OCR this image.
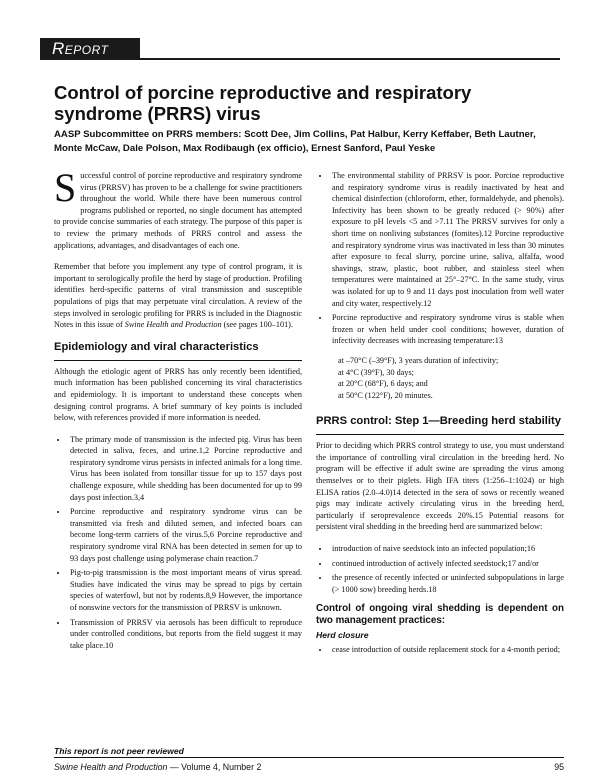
Report
Control of porcine reproductive and respiratory syndrome (PRRS) virus

AASP Subcommittee on PRRS members: Scott Dee, Jim Collins, Pat Halbur, Kerry Keffaber, Beth Lautner, Monte McCaw, Dale Polson, Max Rodibaugh (ex officio), Ernest Sanford, Paul Yeske

Successful control of porcine reproductive and respiratory syndrome virus (PRRSV) has proven to be a challenge for swine practitioners throughout the world. While there have been numerous control programs published or reported, no single document has attempted to provide concise summaries of each strategy. The purpose of this paper is to review the primary methods of PRRS control and assess the applications, advantages, and disadvantages of each one.

Remember that before you implement any type of control program, it is important to serologically profile the herd by stage of production. Profiling identifies herd-specific patterns of viral transmission and susceptible populations of pigs that may perpetuate viral circulation. A review of the steps involved in serologic profiling for PRRS is included in the Diagnostic Notes in this issue of Swine Health and Production (see pages 100–101).

Epidemiology and viral characteristics

Although the etiologic agent of PRRS has only recently been identified, much information has been published concerning its viral characteristics and epidemiology. It is important to understand these concepts when designing control programs. A brief summary of key points is included below, with references provided if more information is needed.

• The primary mode of transmission is the infected pig. Virus has been detected in saliva, feces, and urine.1,2 Porcine reproductive and respiratory syndrome virus persists in infected animals for a long time. Virus has been isolated from tonsillar tissue for up to 157 days post challenge exposure, while shedding has been documented for up to 99 days post infection.3,4
• Porcine reproductive and respiratory syndrome virus can be transmitted via fresh and diluted semen, and infected boars can become long-term carriers of the virus.5,6 Porcine reproductive and respiratory syndrome viral RNA has been detected in semen for up to 93 days post challenge using polymerase chain reaction.7
• Pig-to-pig transmission is the most important means of virus spread. Studies have indicated the virus may be spread to pigs by certain species of waterfowl, but not by rodents.8,9 However, the importance of nonswine vectors for the transmission of PRRSV is unknown.
• Transmission of PRRSV via aerosols has been difficult to reproduce under controlled conditions, but reports from the field suggest it may take place.10
• The environmental stability of PRRSV is poor. Porcine reproductive and respiratory syndrome virus is readily inactivated by heat and chemical disinfection (chloroform, ether, formaldehyde, and phenols). Infectivity has been shown to be greatly reduced (> 90%) after exposure to pH levels <5 and >7.11 The PRRSV survives for only a short time on nonliving substances (fomites).12 Porcine reproductive and respiratory syndrome virus was inactivated in less than 30 minutes after exposure to fecal slurry, porcine urine, saliva, alfalfa, wood shavings, straw, plastic, boot rubber, and stainless steel when temperatures were maintained at 25°–27°C. In the same study, virus was isolated for up to 9 and 11 days post inoculation from well water and city water, respectively.12
• Porcine reproductive and respiratory syndrome virus is stable when frozen or when held under cool conditions; however, duration of infectivity decreases with increasing temperature:13
at –70°C (–39°F), 3 years duration of infectivity;
at 4°C (39°F), 30 days;
at 20°C (68°F), 6 days; and
at 50°C (122°F), 20 minutes.
PRRS control: Step 1—Breeding herd stability

Prior to deciding which PRRS control strategy to use, you must understand the importance of controlling viral circulation in the breeding herd. No program will be effective if adult swine are spreading the virus among themselves or to their piglets. High IFA titers (1:256–1:1024) or high ELISA ratios (2.0–4.0)14 detected in the sera of sows or recently weaned pigs may indicate actively circulating virus in the breeding herd, particularly if seroprevalence exceeds 20%.15 Potential reasons for persistent viral shedding in the breeding herd are summarized below:

• introduction of naive seedstock into an infected population;16
• continued introduction of actively infected seedstock;17 and/or
• the presence of recently infected or uninfected subpopulations in large (> 1000 sow) breeding herds.18
Control of ongoing viral shedding is dependent on two management practices:
Herd closure
• cease introduction of outside replacement stock for a 4-month period;
This report is not peer reviewed
Swine Health and Production — Volume 4, Number 2	95
